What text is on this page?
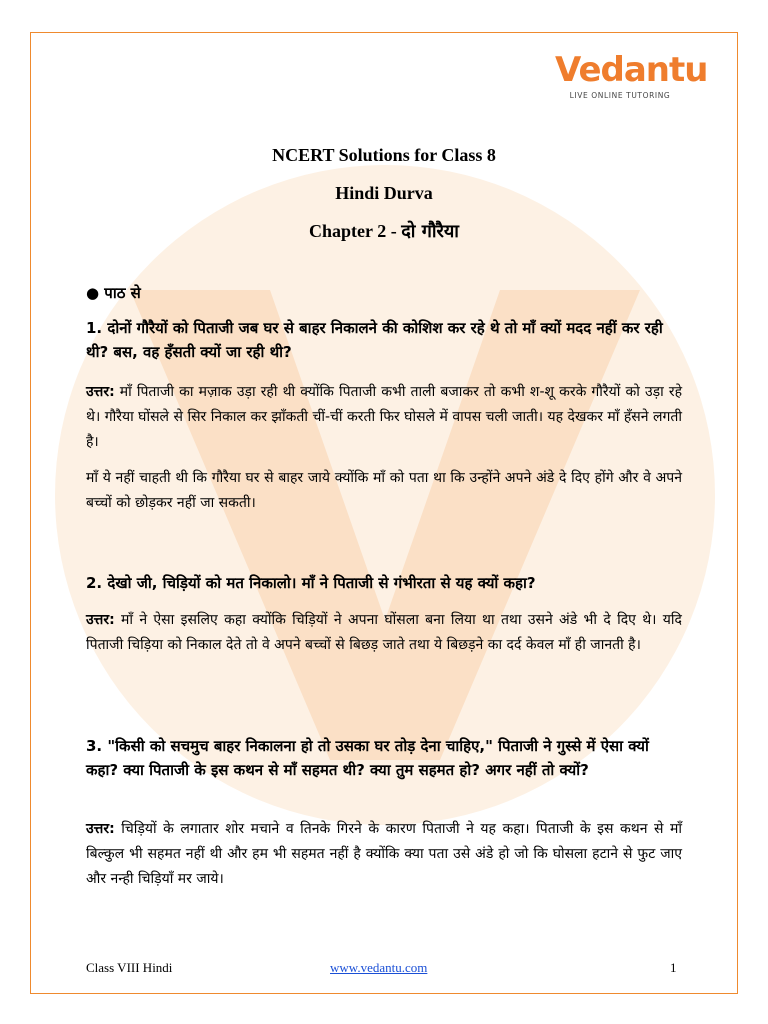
Vedantu
LIVE ONLINE TUTORING
NCERT Solutions for Class 8
Hindi Durva
Chapter 2 - दो गौरैया
● पाठ से
1. दोनों गौरैयों को पिताजी जब घर से बाहर निकालने की कोशिश कर रहे थे तो माँ क्यों मदद नहीं कर रही थी? बस, वह हँसती क्यों जा रही थी?
उत्तर: माँ पिताजी का मज़ाक उड़ा रही थी क्योंकि पिताजी कभी ताली बजाकर तो कभी श-शू करके गौरैयों को उड़ा रहे थे। गौरैया घोंसले से सिर निकाल कर झाँकती चीं-चीं करती फिर घोसले में वापस चली जाती। यह देखकर माँ हँसने लगती है।
माँ ये नहीं चाहती थी कि गौरैया घर से बाहर जाये क्योंकि माँ को पता था कि उन्होंने अपने अंडे दे दिए होंगे और वे अपने बच्चों को छोड़कर नहीं जा सकती।
2. देखो जी, चिड़ियों को मत निकालो। माँ ने पिताजी से गंभीरता से यह क्यों कहा?
उत्तर: माँ ने ऐसा इसलिए कहा क्योंकि चिड़ियों ने अपना घोंसला बना लिया था तथा उसने अंडे भी दे दिए थे। यदि पिताजी चिड़िया को निकाल देते तो वे अपने बच्चों से बिछड़ जाते तथा ये बिछड़ने का दर्द केवल माँ ही जानती है।
3. "किसी को सचमुच बाहर निकालना हो तो उसका घर तोड़ देना चाहिए," पिताजी ने गुस्से में ऐसा क्यों कहा? क्या पिताजी के इस कथन से माँ सहमत थी? क्या तुम सहमत हो? अगर नहीं तो क्यों?
उत्तर: चिड़ियों के लगातार शोर मचाने व तिनके गिरने के कारण पिताजी ने यह कहा। पिताजी के इस कथन से माँ बिल्कुल भी सहमत नहीं थी और हम भी सहमत नहीं है क्योंकि क्या पता उसे अंडे हो जो कि घोसला हटाने से फुट जाए और नन्ही चिड़ियाँ मर जाये।
Class VIII Hindi	www.vedantu.com	1
